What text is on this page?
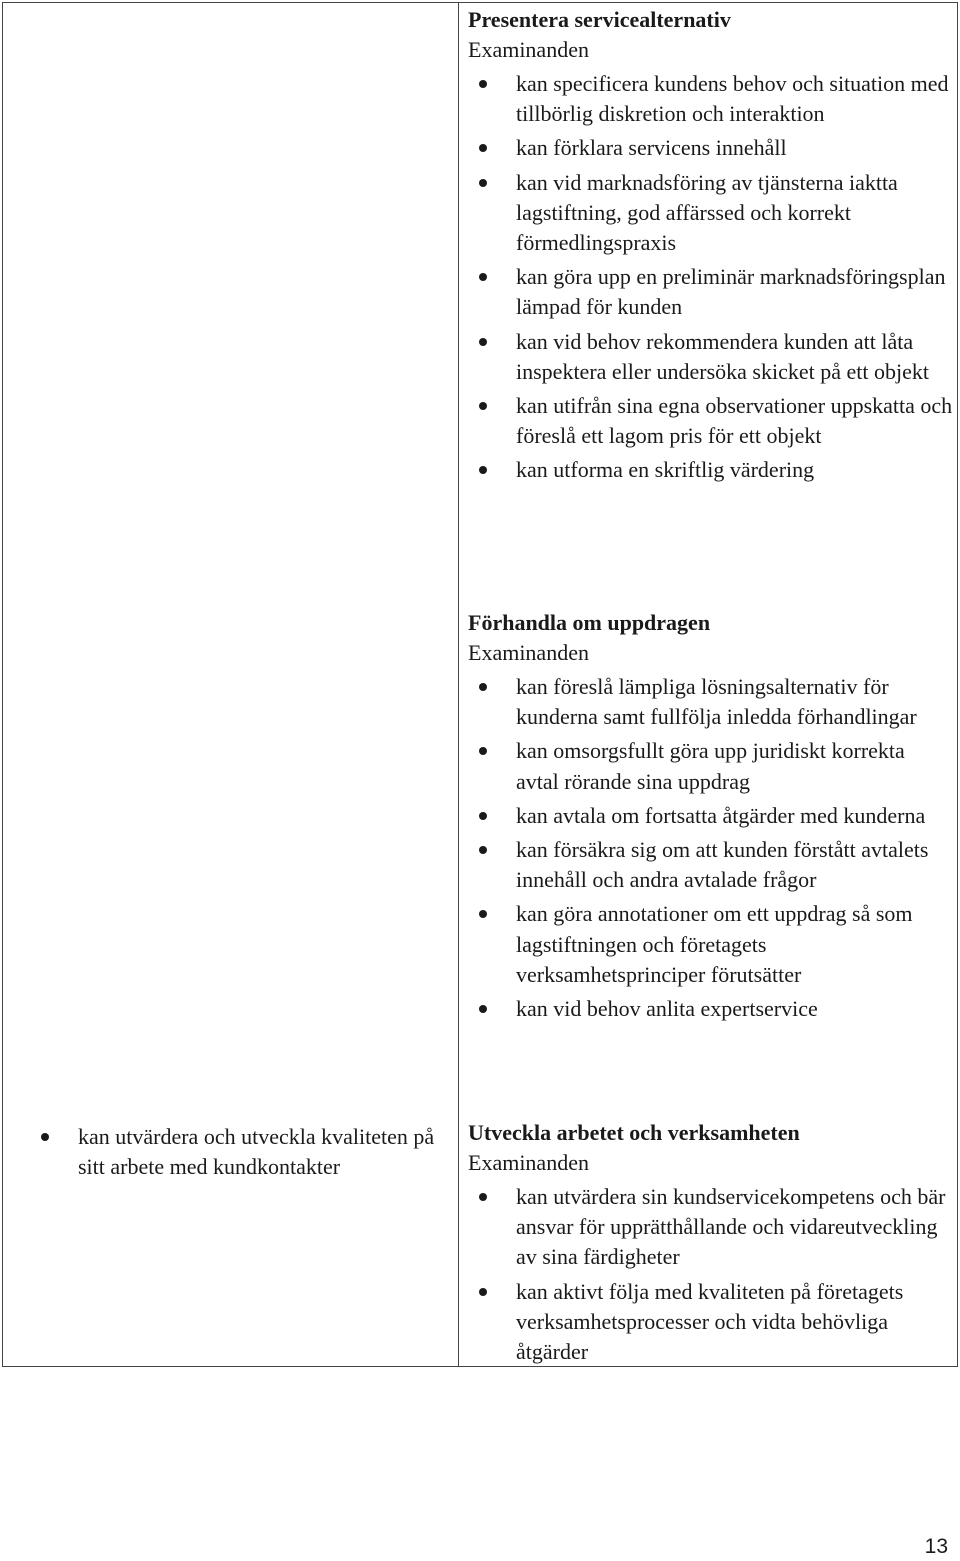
kan utvärdera och utveckla kvaliteten på sitt arbete med kundkontakter

Presentera servicealternativ

Examinanden

kan specificera kundens behov och situation med tillbörlig diskretion och interaktion
kan förklara servicens innehåll
kan vid marknadsföring av tjänsterna iaktta lagstiftning, god affärssed och korrekt förmedlingspraxis
kan göra upp en preliminär marknadsföringsplan lämpad för kunden
kan vid behov rekommendera kunden att låta inspektera eller undersöka skicket på ett objekt
kan utifrån sina egna observationer uppskatta och föreslå ett lagom pris för ett objekt
kan utforma en skriftlig värdering

Förhandla om uppdragen

Examinanden

kan föreslå lämpliga lösningsalternativ för kunderna samt fullfölja inledda förhandlingar
kan omsorgsfullt göra upp juridiskt korrekta avtal rörande sina uppdrag
kan avtala om fortsatta åtgärder med kunderna
kan försäkra sig om att kunden förstått avtalets innehåll och andra avtalade frågor
kan göra annotationer om ett uppdrag så som lagstiftningen och företagets verksamhetsprinciper förutsätter
kan vid behov anlita expertservice

Utveckla arbetet och verksamheten

Examinanden

kan utvärdera sin kundservicekompetens och bär ansvar för upprätthållande och vidareutveckling av sina färdigheter
kan aktivt följa med kvaliteten på företagets verksamhetsprocesser och vidta behövliga åtgärder
13
